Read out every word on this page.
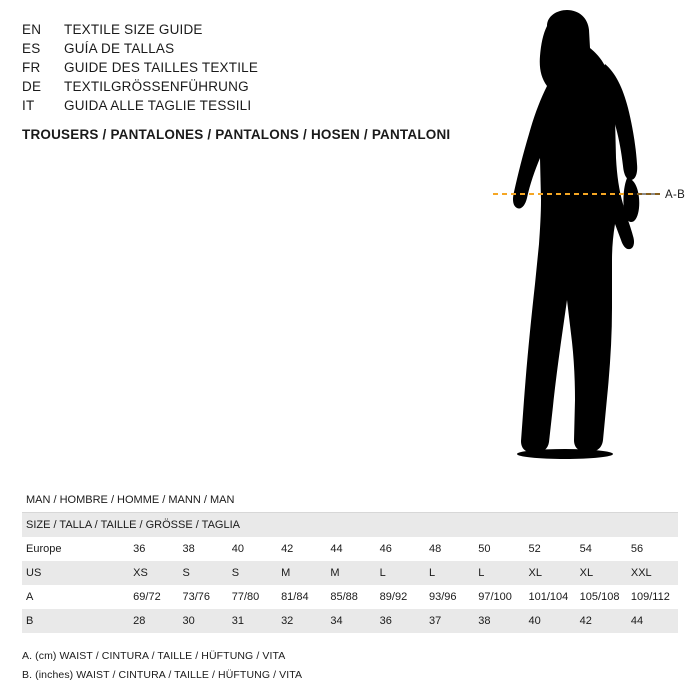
EN	TEXTILE SIZE GUIDE
ES	GUÍA DE TALLAS
FR	GUIDE DES TAILLES TEXTILE
DE	TEXTILGRÖSSENFÜHRUNG
IT	GUIDA ALLE TAGLIE TESSILI
TROUSERS / PANTALONES / PANTALONS / HOSEN / PANTALONI
A-B
MAN / HOMBRE / HOMME / MANN / MAN											
SIZE / TALLA / TAILLE / GRÖSSE / TAGLIA											
Europe	36	38	40	42	44	46	48	50	52	54	56
US	XS	S	S	M	M	L	L	L	XL	XL	XXL
A	69/72	73/76	77/80	81/84	85/88	89/92	93/96	97/100	101/104	105/108	109/112
B	28	30	31	32	34	36	37	38	40	42	44
A. (cm) WAIST / CINTURA / TAILLE / HÜFTUNG / VITA
B. (inches) WAIST / CINTURA / TAILLE / HÜFTUNG / VITA
